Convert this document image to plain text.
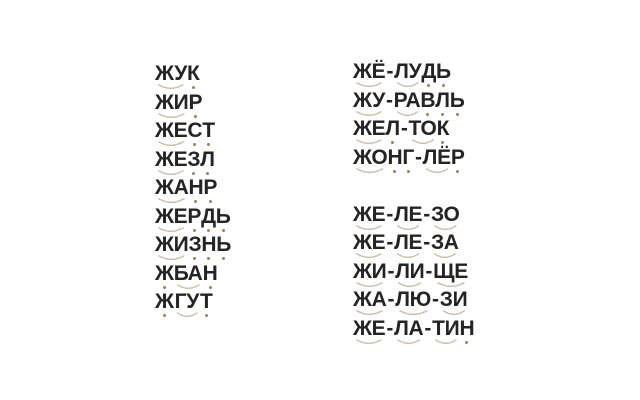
ЖУ К
ЖИ Р
ЖЕ С Т
ЖЕ З Л
ЖА Н Р
ЖЕ Р Д Ь
ЖИ З Н Ь
Ж БА Н
Ж ГУ Т
ЖЁ - ЛУ Д Ь
ЖУ - РА В Л Ь
ЖЕ Л - ТО К
ЖО Н Г - ЛЁ Р
ЖЕ - ЛЕ - ЗО
ЖЕ - ЛЕ - ЗА
ЖИ - ЛИ - ЩЕ
ЖА - ЛЮ - ЗИ
ЖЕ - ЛА - ТИ Н
